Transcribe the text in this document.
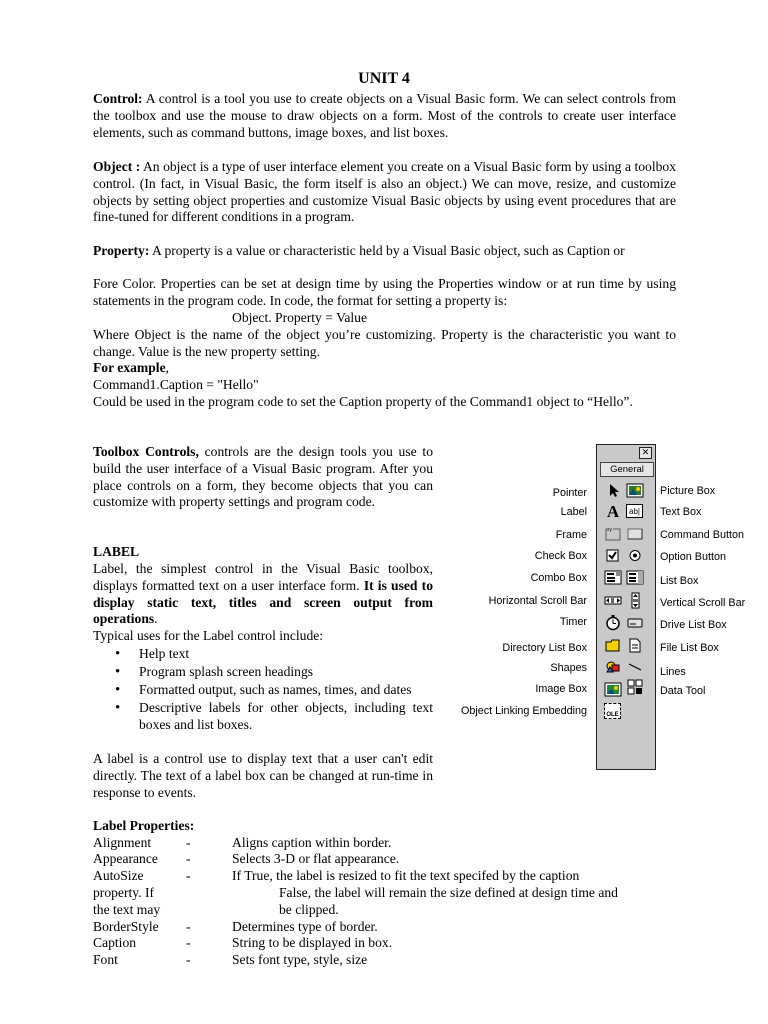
UNIT 4
Control: A control is a tool you use to create objects on a Visual Basic form. We can select controls from the toolbox and use the mouse to draw objects on a form. Most of the controls to create user interface elements, such as command buttons, image boxes, and list boxes.
Object : An object is a type of user interface element you create on a Visual Basic form by using a toolbox control. (In fact, in Visual Basic, the form itself is also an object.) We can move, resize, and customize objects by setting object properties and customize Visual Basic objects by using event procedures that are fine-tuned for different conditions in a program.
Property: A property is a value or characteristic held by a Visual Basic object, such as Caption or
Fore Color. Properties can be set at design time by using the Properties window or at run time by using statements in the program code. In code, the format for setting a property is:
Object. Property = Value
Where Object is the name of the object you’re customizing. Property is the characteristic you want to change. Value is the new property setting.
For example,
Command1.Caption = "Hello"
Could be used in the program code to set the Caption property of the Command1 object to “Hello”.
Toolbox Controls, controls are the design tools you use to build the user interface of a Visual Basic program. After you place controls on a form, they become objects that you can customize with property settings and program code.
LABEL
Label, the simplest control in the Visual Basic toolbox, displays formatted text on a user interface form. It is used to display static text, titles and screen output from operations.
Typical uses for the Label control include:
• Help text
• Program splash screen headings
• Formatted output, such as names, times, and dates
• Descriptive labels for other objects, including text boxes and list boxes.
A label is a control use to display text that a user can't edit directly. The text of a label box can be changed at run-time in response to events.
Label Properties:
Alignment	-	Aligns caption within border.
Appearance -	Selects 3-D or flat appearance.
AutoSize	-	If True, the label is resized to fit the text specifed by the caption
property. If	False, the label will remain the size defined at design time and
the text may	be clipped.
BorderStyle -	Determines type of border.
Caption	-	String to be displayed in box.
Font	-	Sets font type, style, size
Pointer
Label
Frame
Check Box
Combo Box
Horizontal Scroll Bar
Timer
Directory List Box
Shapes
Image Box
Object Linking Embedding
Picture Box
Text Box
Command Button
Option Button
List Box
Vertical Scroll Bar
Drive List Box
File List Box
Lines
Data Tool
✕
General
A	ab|
xy
OLE
